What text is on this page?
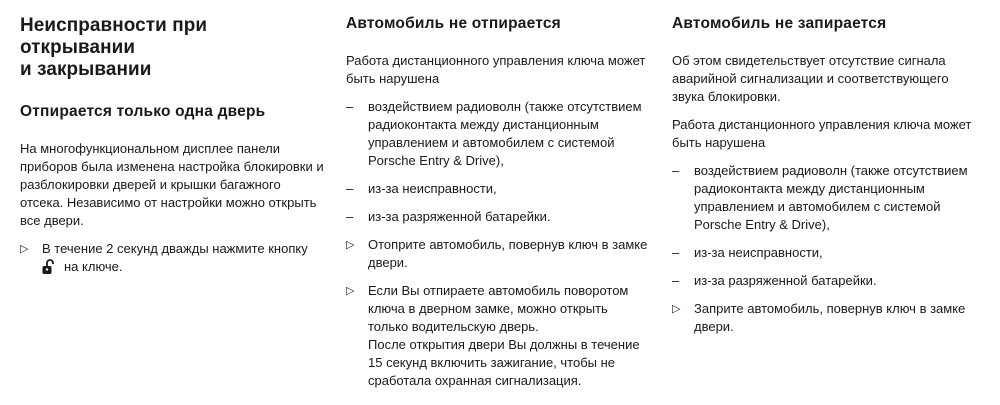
Неисправности при открывании
и закрывании
Отпирается только одна дверь

На многофункциональном дисплее панели приборов была изменена настройка блокировки и разблокировки дверей и крышки багажного отсека. Независимо от настройки можно открыть все двери.

▷ В течение 2 секунд дважды нажмите кнопку
на ключе.
Автомобиль не отпирается

Работа дистанционного управления ключа может быть нарушена

– воздействием радиоволн (также отсутствием радиоконтакта между дистанционным управлением и автомобилем с системой Porsche Entry & Drive),
– из-за неисправности,
– из-за разряженной батарейки.
▷ Отоприте автомобиль, повернув ключ в замке двери.
▷ Если Вы отпираете автомобиль поворотом ключа в дверном замке, можно открыть только водительскую дверь.
После открытия двери Вы должны в течение 15 секунд включить зажигание, чтобы не сработала охранная сигнализация.
Автомобиль не запирается

Об этом свидетельствует отсутствие сигнала аварийной сигнализации и соответствующего звука блокировки.

Работа дистанционного управления ключа может быть нарушена

– воздействием радиоволн (также отсутствием радиоконтакта между дистанционным управлением и автомобилем с системой Porsche Entry & Drive),
– из-за неисправности,
– из-за разряженной батарейки.
▷ Заприте автомобиль, повернув ключ в замке двери.
